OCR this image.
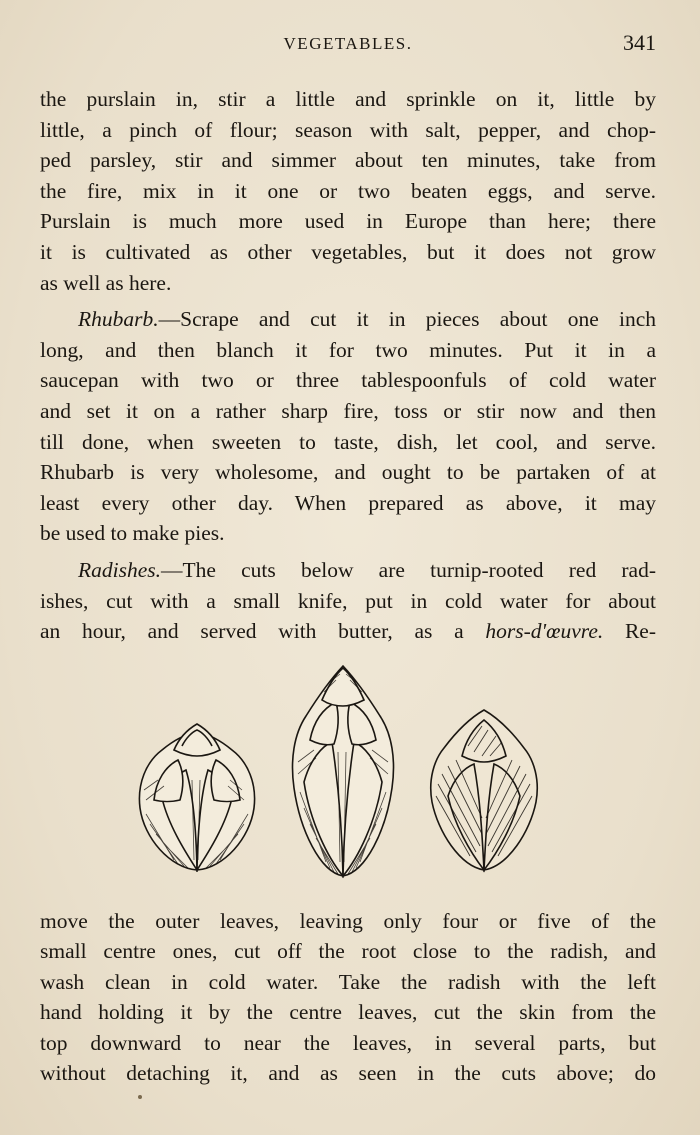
VEGETABLES.	341

the purslain in, stir a little and sprinkle on it, little by
little, a pinch of flour; season with salt, pepper, and chop-
ped parsley, stir and simmer about ten minutes, take from
the fire, mix in it one or two beaten eggs, and serve.
Purslain is much more used in Europe than here; there
it is cultivated as other vegetables, but it does not grow
as well as here.

Rhubarb.—Scrape and cut it in pieces about one inch
long, and then blanch it for two minutes. Put it in a
saucepan with two or three tablespoonfuls of cold water
and set it on a rather sharp fire, toss or stir now and then
till done, when sweeten to taste, dish, let cool, and serve.
Rhubarb is very wholesome, and ought to be partaken of at
least every other day. When prepared as above, it may
be used to make pies.

Radishes.—The cuts below are turnip-rooted red rad-
ishes, cut with a small knife, put in cold water for about
an hour, and served with butter, as a hors-d'œuvre. Re-

move the outer leaves, leaving only four or five of the
small centre ones, cut off the root close to the radish, and
wash clean in cold water. Take the radish with the left
hand holding it by the centre leaves, cut the skin from the
top downward to near the leaves, in several parts, but
without detaching it, and as seen in the cuts above; do
